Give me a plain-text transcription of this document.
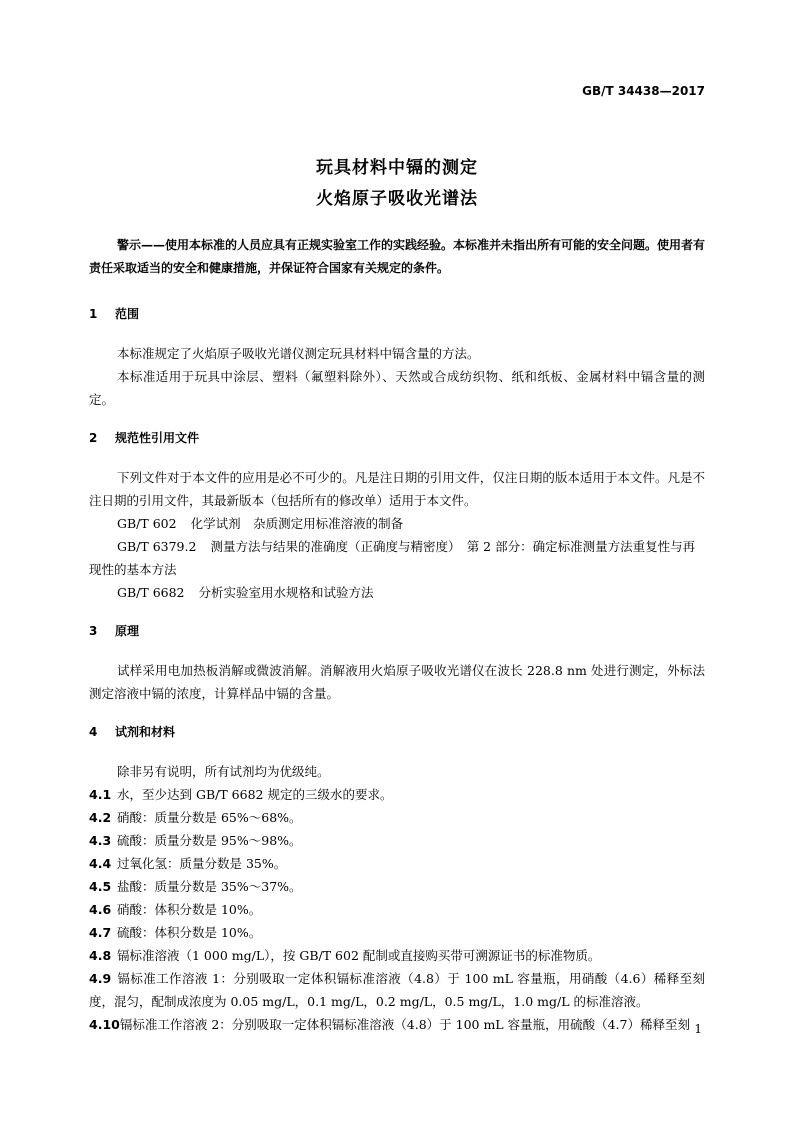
GB/T 34438—2017
玩具材料中镉的测定
火焰原子吸收光谱法

警示——使用本标准的人员应具有正规实验室工作的实践经验。本标准并未指出所有可能的安全问题。使用者有责任采取适当的安全和健康措施，并保证符合国家有关规定的条件。

1 范围

本标准规定了火焰原子吸收光谱仪测定玩具材料中镉含量的方法。

本标准适用于玩具中涂层、塑料（氟塑料除外）、天然或合成纺织物、纸和纸板、金属材料中镉含量的测定。

2 规范性引用文件

下列文件对于本文件的应用是必不可少的。凡是注日期的引用文件，仅注日期的版本适用于本文件。凡是不注日期的引用文件，其最新版本（包括所有的修改单）适用于本文件。

GB/T 602 化学试剂　杂质测定用标准溶液的制备

GB/T 6379.2 测量方法与结果的准确度（正确度与精密度）　第 2 部分：确定标准测量方法重复性与再现性的基本方法

GB/T 6682 分析实验室用水规格和试验方法

3 原理

试样采用电加热板消解或微波消解。消解液用火焰原子吸收光谱仪在波长 228.8 nm 处进行测定，外标法测定溶液中镉的浓度，计算样品中镉的含量。

4 试剂和材料

除非另有说明，所有试剂均为优级纯。

4.1 水，至少达到 GB/T 6682 规定的三级水的要求。

4.2 硝酸：质量分数是 65%～68%。

4.3 硫酸：质量分数是 95%～98%。

4.4 过氧化氢：质量分数是 35%。

4.5 盐酸：质量分数是 35%～37%。

4.6 硝酸：体积分数是 10%。

4.7 硫酸：体积分数是 10%。

4.8 镉标准溶液（1 000 mg/L），按 GB/T 602 配制或直接购买带可溯源证书的标准物质。

4.9 镉标准工作溶液 1：分别吸取一定体积镉标准溶液（4.8）于 100 mL 容量瓶，用硝酸（4.6）稀释至刻度，混匀，配制成浓度为 0.05 mg/L，0.1 mg/L，0.2 mg/L，0.5 mg/L，1.0 mg/L 的标准溶液。

4.10镉标准工作溶液 2：分别吸取一定体积镉标准溶液（4.8）于 100 mL 容量瓶，用硫酸（4.7）稀释至刻 1
